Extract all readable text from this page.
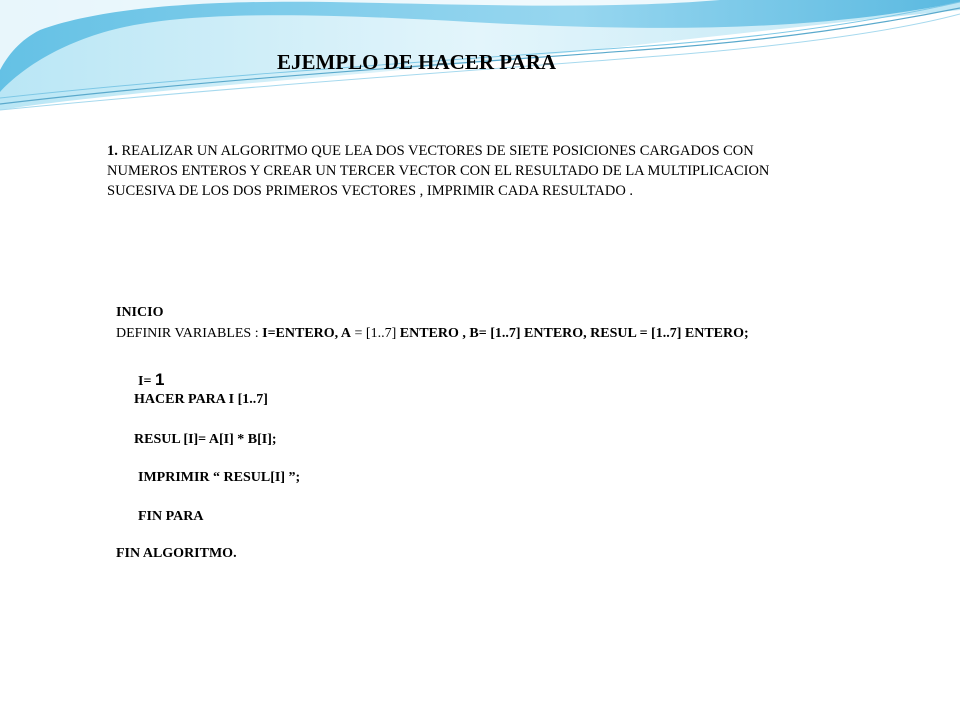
EJEMPLO DE HACER PARA
1. REALIZAR UN ALGORITMO QUE LEA DOS VECTORES DE SIETE POSICIONES CARGADOS CON NUMEROS ENTEROS Y CREAR UN TERCER VECTOR CON EL RESULTADO DE LA MULTIPLICACION SUCESIVA DE LOS DOS PRIMEROS VECTORES , IMPRIMIR CADA RESULTADO .
INICIO
DEFINIR VARIABLES : I=ENTERO, A = [1..7] ENTERO , B= [1..7] ENTERO, RESUL = [1..7] ENTERO;
I= 1
HACER PARA I [1..7]
RESUL [I]= A[I] * B[I];
IMPRIMIR “ RESUL[I] ”;
FIN PARA
FIN ALGORITMO.
